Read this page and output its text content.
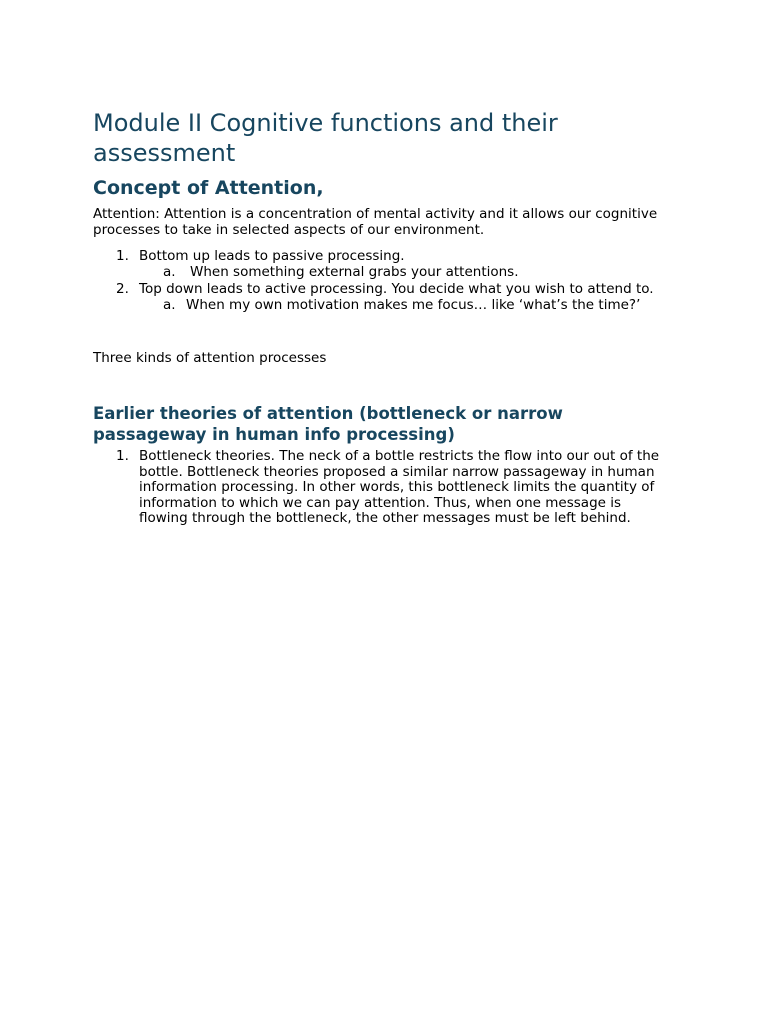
Module II Cognitive functions and their assessment
Concept of Attention,

Attention: Attention is a concentration of mental activity and it allows our cognitive processes to take in selected aspects of our environment.

1. Bottom up leads to passive processing.
a. When something external grabs your attentions.
2. Top down leads to active processing. You decide what you wish to attend to.
a. When my own motivation makes me focus… like ‘what’s the time?’

Three kinds of attention processes

Earlier theories of attention (bottleneck or narrow passageway in human info processing)
1. Bottleneck theories. The neck of a bottle restricts the flow into our out of the bottle. Bottleneck theories proposed a similar narrow passageway in human information processing. In other words, this bottleneck limits the quantity of information to which we can pay attention. Thus, when one message is flowing through the bottleneck, the other messages must be left behind.
